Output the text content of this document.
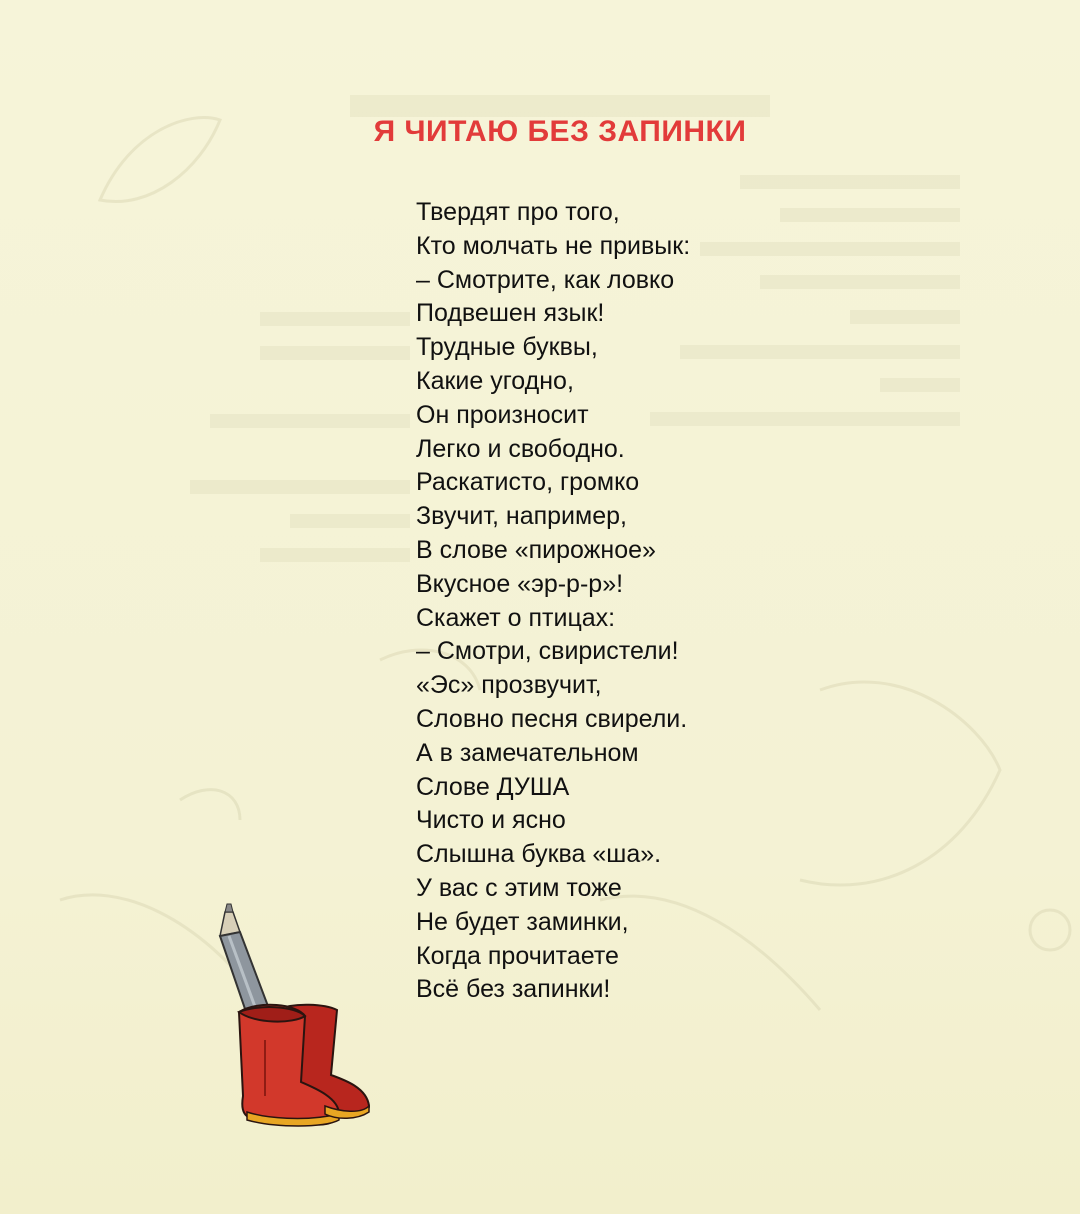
Я ЧИТАЮ БЕЗ ЗАПИНКИ
Твердят про того,
Кто молчать не привык:
– Смотрите, как ловко
Подвешен язык!
Трудные буквы,
Какие угодно,
Он произносит
Легко и свободно.
Раскатисто, громко
Звучит, например,
В слове «пирожное»
Вкусное «эр-р-р»!
Скажет о птицах:
– Смотри, свиристели!
«Эс» прозвучит,
Словно песня свирели.
А в замечательном
Слове ДУША
Чисто и ясно
Слышна буква «ша».
У вас с этим тоже
Не будет заминки,
Когда прочитаете
Всё без запинки!
